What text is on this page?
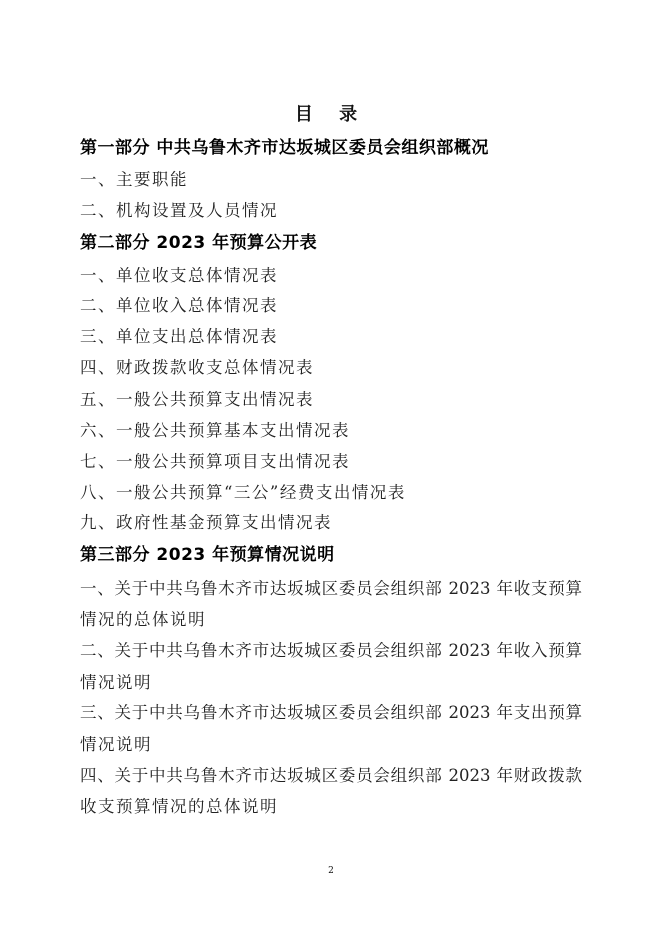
目 录
第一部分 中共乌鲁木齐市达坂城区委员会组织部概况
一、主要职能
二、机构设置及人员情况
第二部分 2023 年预算公开表
一、单位收支总体情况表
二、单位收入总体情况表
三、单位支出总体情况表
四、财政拨款收支总体情况表
五、一般公共预算支出情况表
六、一般公共预算基本支出情况表
七、一般公共预算项目支出情况表
八、一般公共预算“三公”经费支出情况表
九、政府性基金预算支出情况表
第三部分 2023 年预算情况说明
一、关于中共乌鲁木齐市达坂城区委员会组织部 2023 年收支预算
情况的总体说明
二、关于中共乌鲁木齐市达坂城区委员会组织部 2023 年收入预算
情况说明
三、关于中共乌鲁木齐市达坂城区委员会组织部 2023 年支出预算
情况说明
四、关于中共乌鲁木齐市达坂城区委员会组织部 2023 年财政拨款
收支预算情况的总体说明
2
